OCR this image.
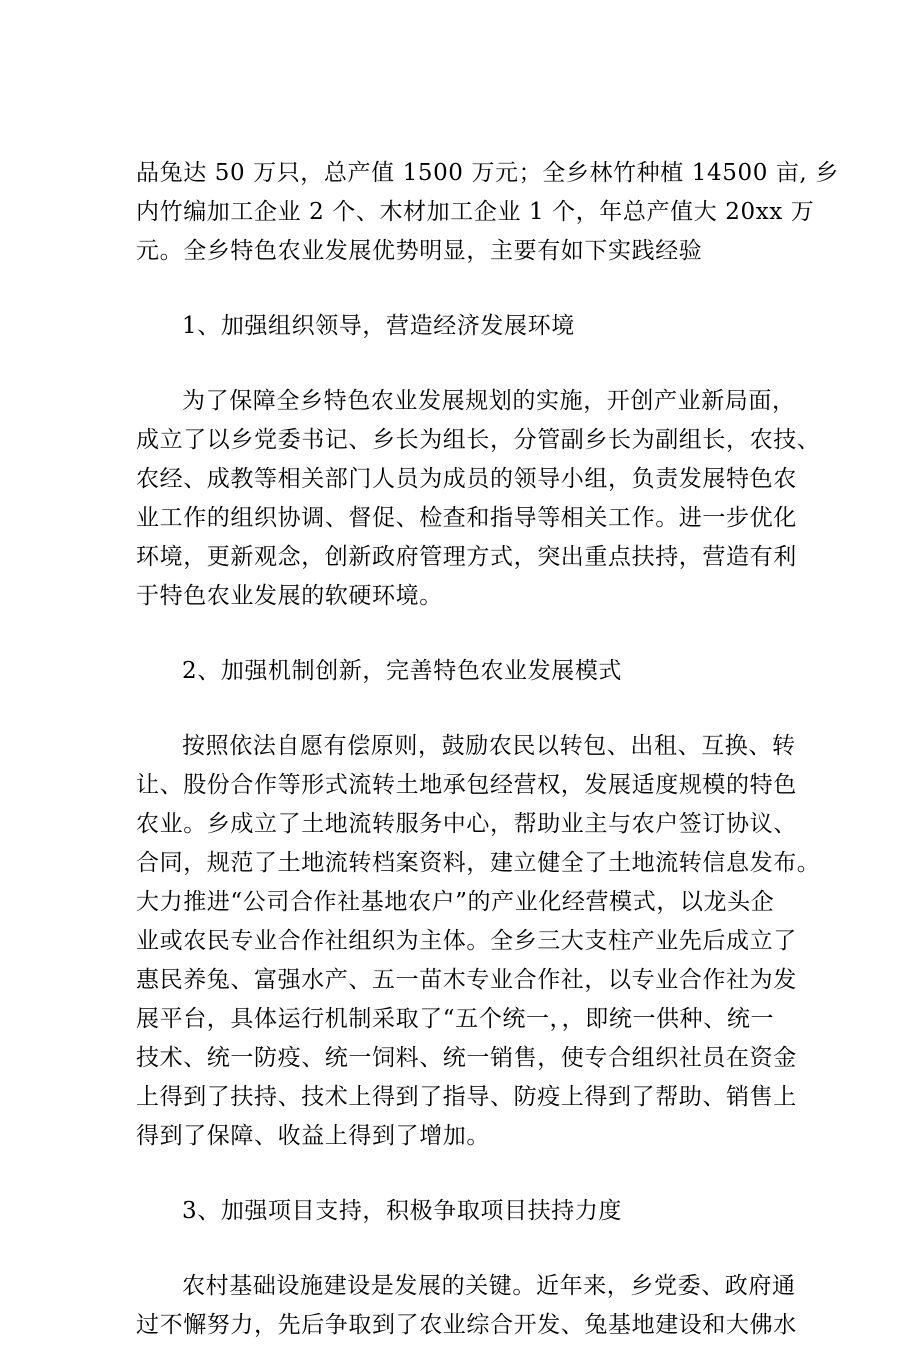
品兔达 50 万只，总产值 1500 万元；全乡林竹种植 14500 亩, 乡
内竹编加工企业 2 个、木材加工企业 1 个，年总产值大 20xx 万
元。全乡特色农业发展优势明显，主要有如下实践经验

1、加强组织领导，营造经济发展环境

为了保障全乡特色农业发展规划的实施，开创产业新局面，
成立了以乡党委书记、乡长为组长，分管副乡长为副组长，农技、
农经、成教等相关部门人员为成员的领导小组，负责发展特色农
业工作的组织协调、督促、检查和指导等相关工作。进一步优化
环境，更新观念，创新政府管理方式，突出重点扶持，营造有利
于特色农业发展的软硬环境。

2、加强机制创新，完善特色农业发展模式

按照依法自愿有偿原则，鼓励农民以转包、出租、互换、转
让、股份合作等形式流转土地承包经营权，发展适度规模的特色
农业。乡成立了土地流转服务中心，帮助业主与农户签订协议、
合同，规范了土地流转档案资料，建立健全了土地流转信息发布。
大力推进“公司合作社基地农户”的产业化经营模式，以龙头企
业或农民专业合作社组织为主体。全乡三大支柱产业先后成立了
惠民养兔、富强水产、五一苗木专业合作社，以专业合作社为发
展平台，具体运行机制采取了“五个统一，，即统一供种、统一
技术、统一防疫、统一饲料、统一销售，使专合组织社员在资金
上得到了扶持、技术上得到了指导、防疫上得到了帮助、销售上
得到了保障、收益上得到了增加。

3、加强项目支持，积极争取项目扶持力度

农村基础设施建设是发展的关键。近年来，乡党委、政府通
过不懈努力，先后争取到了农业综合开发、兔基地建设和大佛水
